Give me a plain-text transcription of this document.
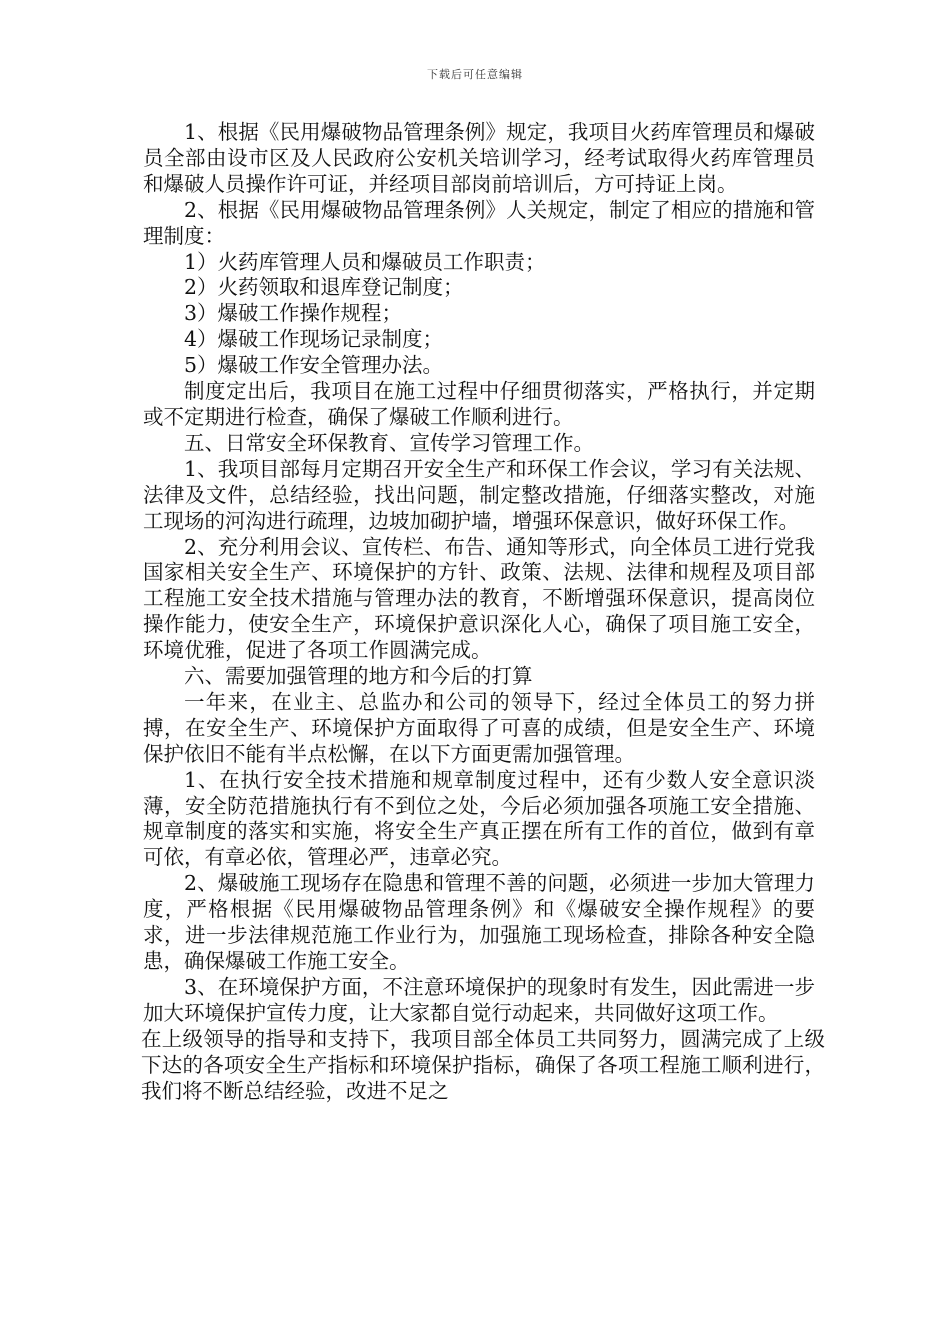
下载后可任意编辑

1、根据《民用爆破物品管理条例》规定，我项目火药库管理员和爆破员全部由设市区及人民政府公安机关培训学习，经考试取得火药库管理员和爆破人员操作许可证，并经项目部岗前培训后，方可持证上岗。

2、根据《民用爆破物品管理条例》人关规定，制定了相应的措施和管理制度：

1）火药库管理人员和爆破员工作职责；

2）火药领取和退库登记制度；

3）爆破工作操作规程；

4）爆破工作现场记录制度；

5）爆破工作安全管理办法。

制度定出后，我项目在施工过程中仔细贯彻落实，严格执行，并定期或不定期进行检查，确保了爆破工作顺利进行。

五、日常安全环保教育、宣传学习管理工作。

1、我项目部每月定期召开安全生产和环保工作会议，学习有关法规、法律及文件，总结经验，找出问题，制定整改措施，仔细落实整改，对施工现场的河沟进行疏理，边坡加砌护墙，增强环保意识，做好环保工作。

2、充分利用会议、宣传栏、布告、通知等形式，向全体员工进行党我国家相关安全生产、环境保护的方针、政策、法规、法律和规程及项目部工程施工安全技术措施与管理办法的教育，不断增强环保意识，提高岗位操作能力，使安全生产，环境保护意识深化人心，确保了项目施工安全，环境优雅，促进了各项工作圆满完成。

六、需要加强管理的地方和今后的打算

一年来，在业主、总监办和公司的领导下，经过全体员工的努力拼搏，在安全生产、环境保护方面取得了可喜的成绩，但是安全生产、环境保护依旧不能有半点松懈，在以下方面更需加强管理。

1、在执行安全技术措施和规章制度过程中，还有少数人安全意识淡薄，安全防范措施执行有不到位之处，今后必须加强各项施工安全措施、规章制度的落实和实施，将安全生产真正摆在所有工作的首位，做到有章可依，有章必依，管理必严，违章必究。

2、爆破施工现场存在隐患和管理不善的问题，必须进一步加大管理力度，严格根据《民用爆破物品管理条例》和《爆破安全操作规程》的要求，进一步法律规范施工作业行为，加强施工现场检查，排除各种安全隐患，确保爆破工作施工安全。

3、在环境保护方面，不注意环境保护的现象时有发生，因此需进一步加大环境保护宣传力度，让大家都自觉行动起来，共同做好这项工作。

在上级领导的指导和支持下，我项目部全体员工共同努力，圆满完成了上级下达的各项安全生产指标和环境保护指标，确保了各项工程施工顺利进行，我们将不断总结经验，改进不足之
